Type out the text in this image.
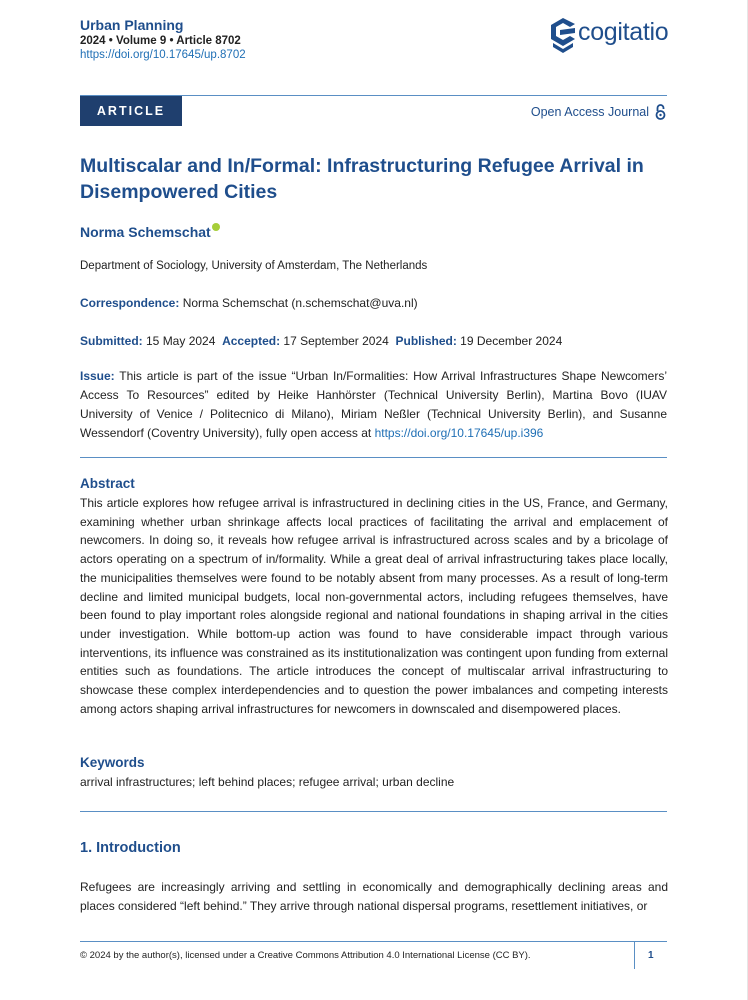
Urban Planning
2024 • Volume 9 • Article 8702
https://doi.org/10.17645/up.8702
cogitatio
ARTICLE	Open Access Journal
Multiscalar and In/Formal: Infrastructuring Refugee Arrival in Disempowered Cities
Norma Schemschat
Department of Sociology, University of Amsterdam, The Netherlands
Correspondence: Norma Schemschat (n.schemschat@uva.nl)
Submitted: 15 May 2024  Accepted: 17 September 2024  Published: 19 December 2024

Issue: This article is part of the issue “Urban In/Formalities: How Arrival Infrastructures Shape Newcomers’ Access To Resources” edited by Heike Hanhörster (Technical University Berlin), Martina Bovo (IUAV University of Venice / Politecnico di Milano), Miriam Neßler (Technical University Berlin), and Susanne Wessendorf (Coventry University), fully open access at https://doi.org/10.17645/up.i396

Abstract

This article explores how refugee arrival is infrastructured in declining cities in the US, France, and Germany, examining whether urban shrinkage affects local practices of facilitating the arrival and emplacement of newcomers. In doing so, it reveals how refugee arrival is infrastructured across scales and by a bricolage of actors operating on a spectrum of in/formality. While a great deal of arrival infrastructuring takes place locally, the municipalities themselves were found to be notably absent from many processes. As a result of long-term decline and limited municipal budgets, local non-governmental actors, including refugees themselves, have been found to play important roles alongside regional and national foundations in shaping arrival in the cities under investigation. While bottom-up action was found to have considerable impact through various interventions, its influence was constrained as its institutionalization was contingent upon funding from external entities such as foundations. The article introduces the concept of multiscalar arrival infrastructuring to showcase these complex interdependencies and to question the power imbalances and competing interests among actors shaping arrival infrastructures for newcomers in downscaled and disempowered places.

Keywords

arrival infrastructures; left behind places; refugee arrival; urban decline

1. Introduction

Refugees are increasingly arriving and settling in economically and demographically declining areas and places considered “left behind.” They arrive through national dispersal programs, resettlement initiatives, or

© 2024 by the author(s), licensed under a Creative Commons Attribution 4.0 International License (CC BY).	1
